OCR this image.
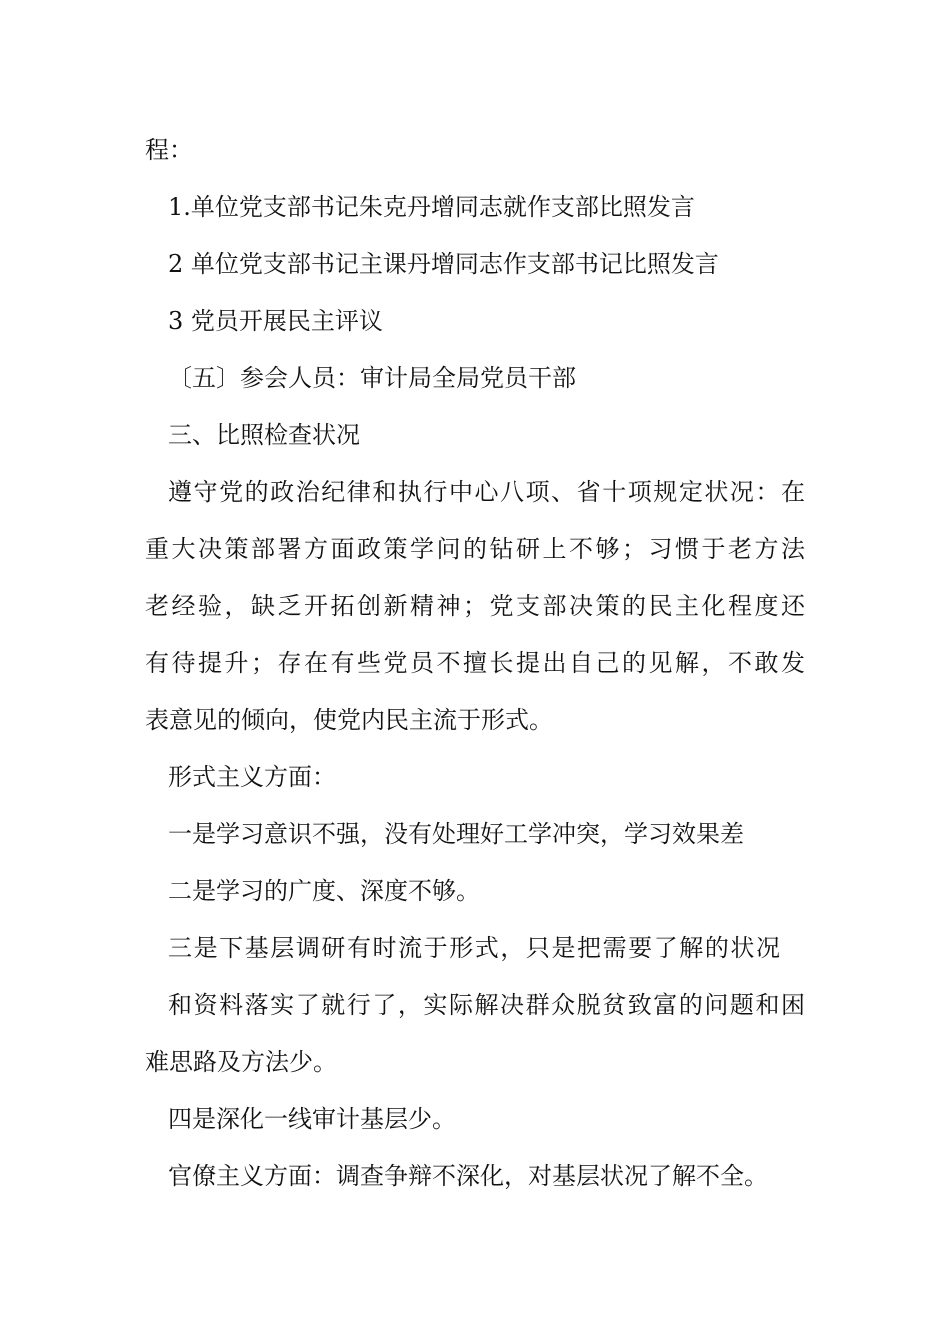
程：
1.单位党支部书记朱克丹增同志就作支部比照发言
2 单位党支部书记主课丹增同志作支部书记比照发言
3 党员开展民主评议
〔五〕参会人员：审计局全局党员干部
三、比照检查状况
遵守党的政治纪律和执行中心八项、省十项规定状况：在
重大决策部署方面政策学问的钻研上不够；习惯于老方法
老经验，缺乏开拓创新精神；党支部决策的民主化程度还
有待提升；存在有些党员不擅长提出自己的见解，不敢发
表意见的倾向，使党内民主流于形式。
形式主义方面：
一是学习意识不强，没有处理好工学冲突，学习效果差
二是学习的广度、深度不够。
三是下基层调研有时流于形式，只是把需要了解的状况
和资料落实了就行了，实际解决群众脱贫致富的问题和困
难思路及方法少。
四是深化一线审计基层少。
官僚主义方面：调查争辩不深化，对基层状况了解不全。
